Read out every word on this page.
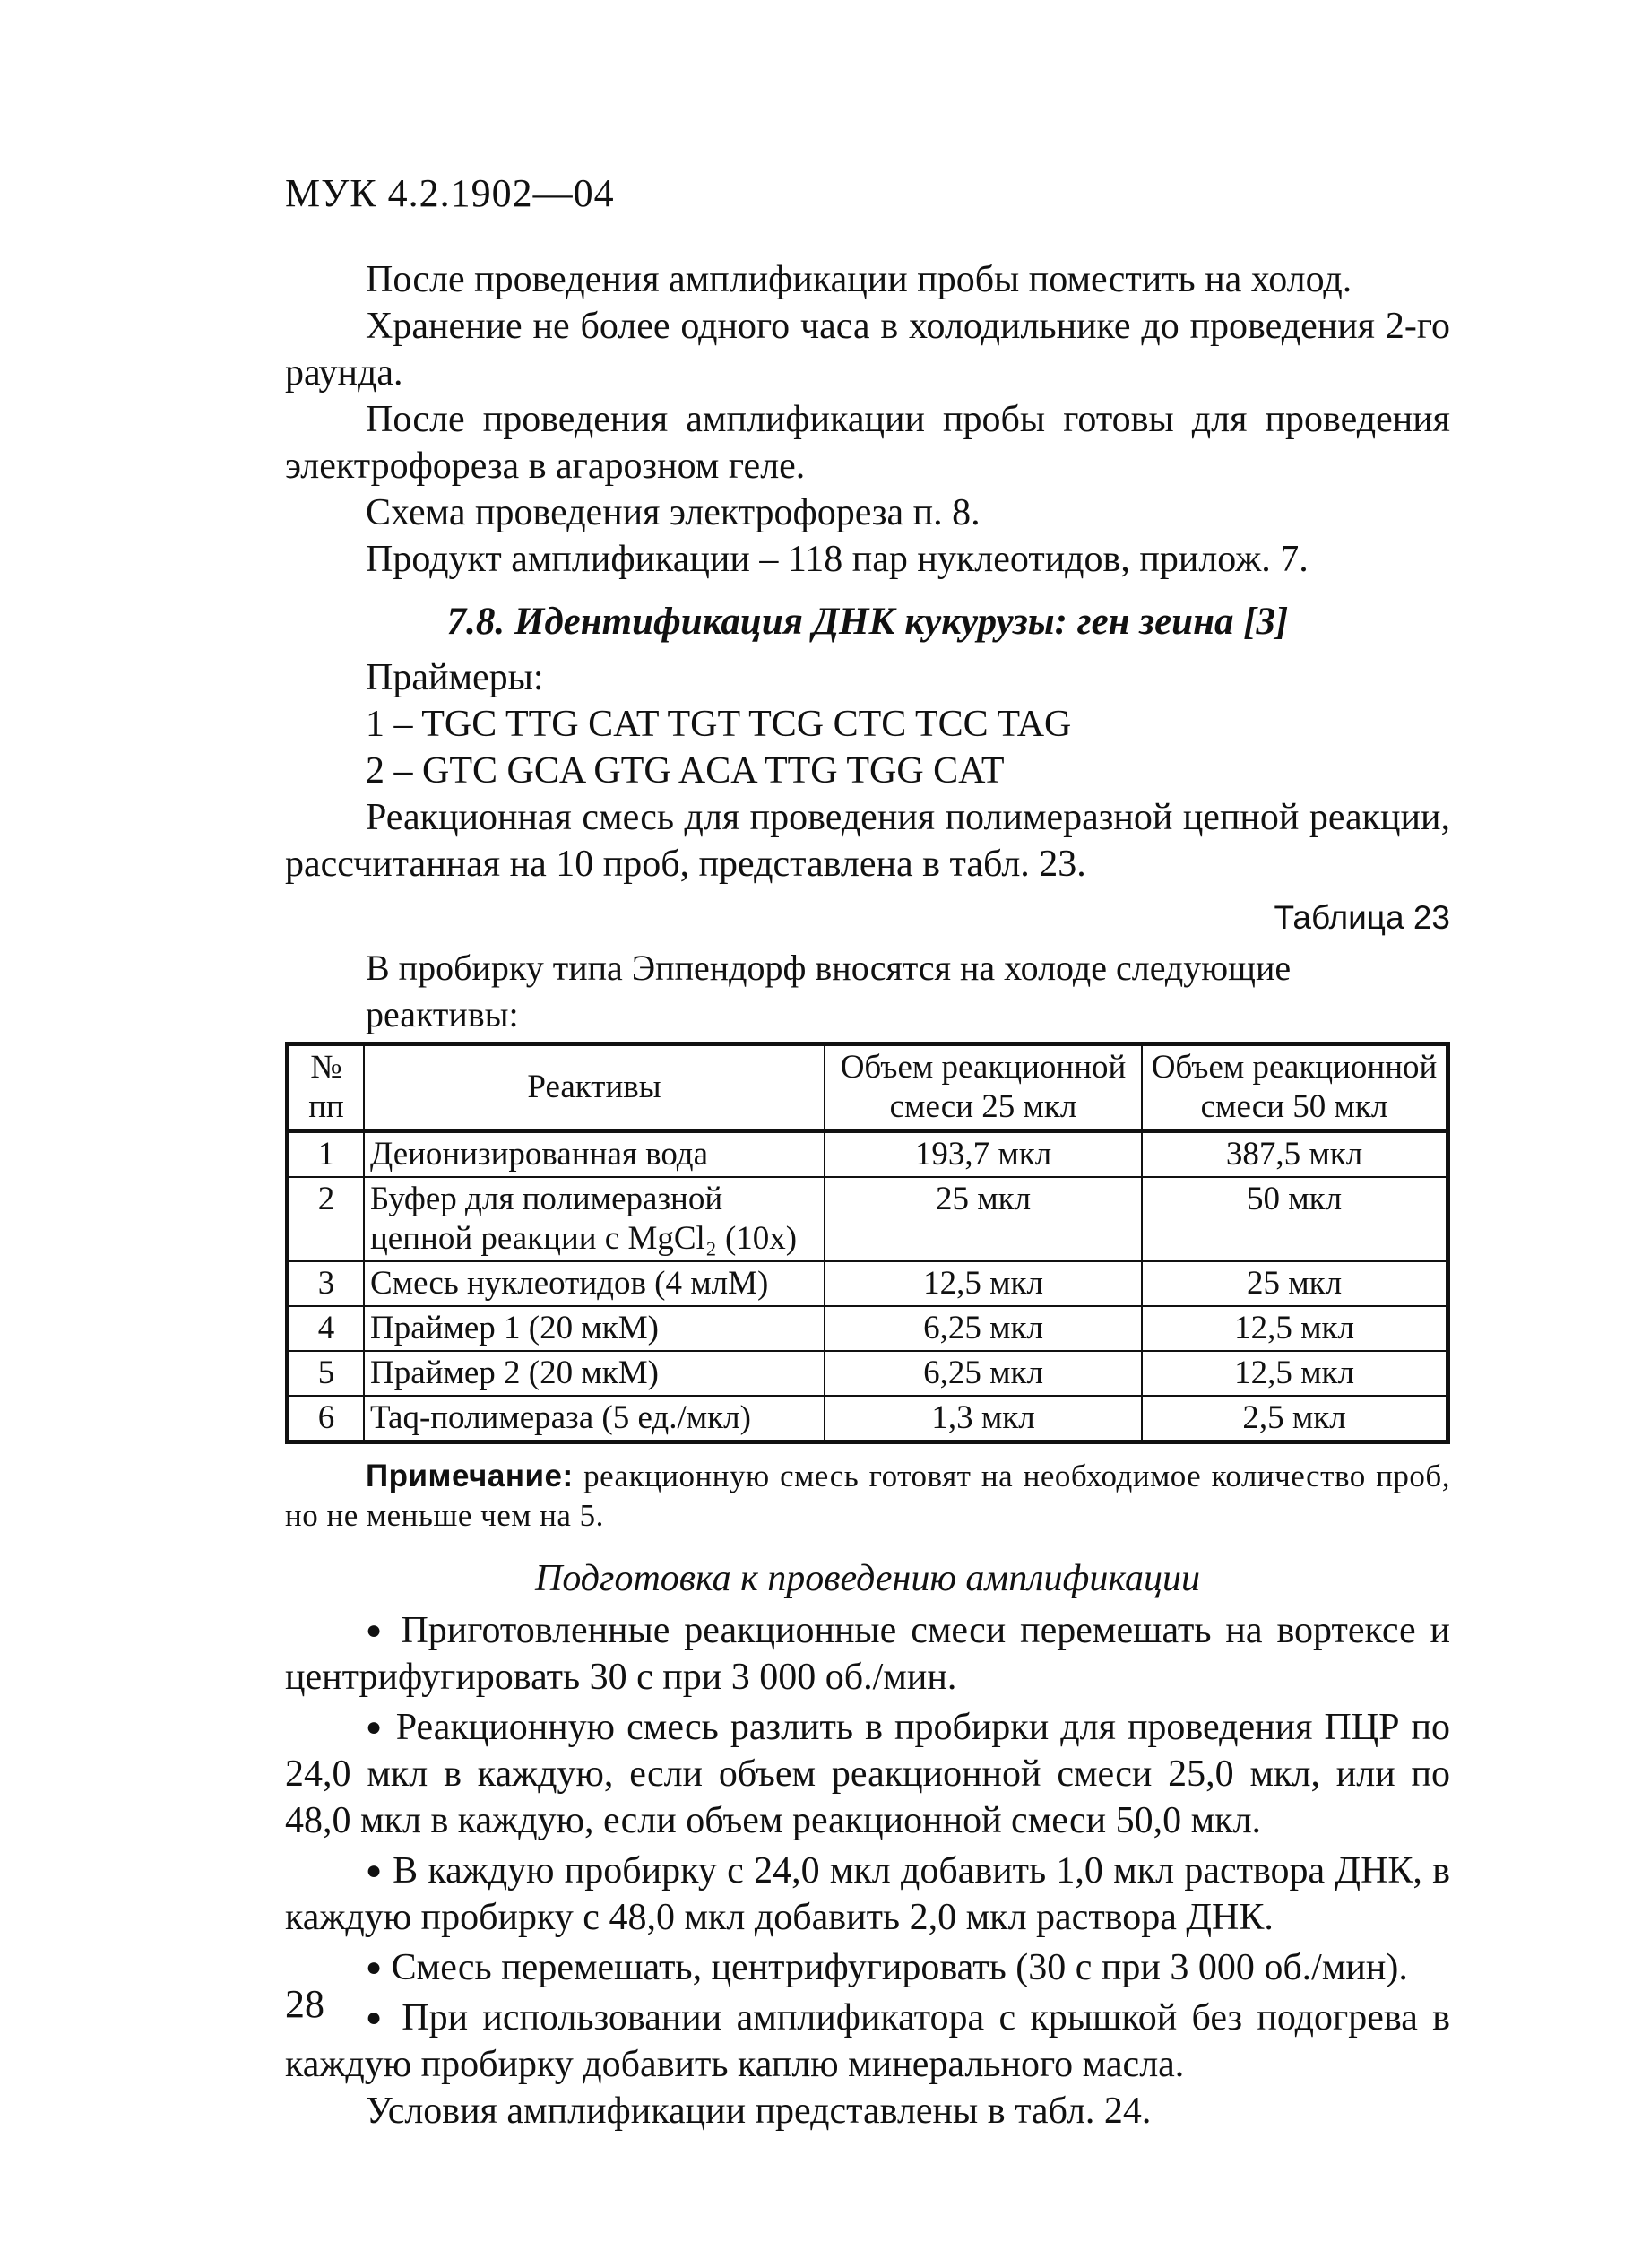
МУК 4.2.1902—04

После проведения амплификации пробы поместить на холод.

Хранение не более одного часа в холодильнике до проведения 2-го раунда.

После проведения амплификации пробы готовы для проведения электрофореза в агарозном геле.

Схема проведения электрофореза п. 8.

Продукт амплификации – 118 пар нуклеотидов, прилож. 7.

7.8. Идентификация ДНК кукурузы: ген зеина [3]

Праймеры:

1 – TGC TTG CAT TGT TCG CTC TCC TAG

2 – GTC GCA GTG ACA TTG TGG CAT

Реакционная смесь для проведения полимеразной цепной реакции, рассчитанная на 10 проб, представлена в табл. 23.

Таблица 23
В пробирку типа Эппендорф вносятся на холоде следующие реактивы:
№ пп	Реактивы	Объем реакционной смеси 25 мкл	Объем реакционной смеси 50 мкл
1	Деионизированная вода	193,7 мкл	387,5 мкл
2	Буфер для полимеразной цепной реакции с MgCl₂ (10х)	25 мкл	50 мкл
3	Смесь нуклеотидов (4 млМ)	12,5 мкл	25 мкл
4	Праймер 1 (20 мкМ)	6,25 мкл	12,5 мкл
5	Праймер 2 (20 мкМ)	6,25 мкл	12,5 мкл
6	Taq-полимераза (5 ед./мкл)	1,3 мкл	2,5 мкл

Примечание: реакционную смесь готовят на необходимое количество проб, но не меньше чем на 5.

Подготовка к проведению амплификации

● Приготовленные реакционные смеси перемешать на вортексе и центрифугировать 30 с при 3 000 об./мин.

● Реакционную смесь разлить в пробирки для проведения ПЦР по 24,0 мкл в каждую, если объем реакционной смеси 25,0 мкл, или по 48,0 мкл в каждую, если объем реакционной смеси 50,0 мкл.

● В каждую пробирку с 24,0 мкл добавить 1,0 мкл раствора ДНК, в каждую пробирку с 48,0 мкл добавить 2,0 мкл раствора ДНК.

● Смесь перемешать, центрифугировать (30 с при 3 000 об./мин).

● При использовании амплификатора с крышкой без подогрева в каждую пробирку добавить каплю минерального масла.

Условия амплификации представлены в табл. 24.

28
